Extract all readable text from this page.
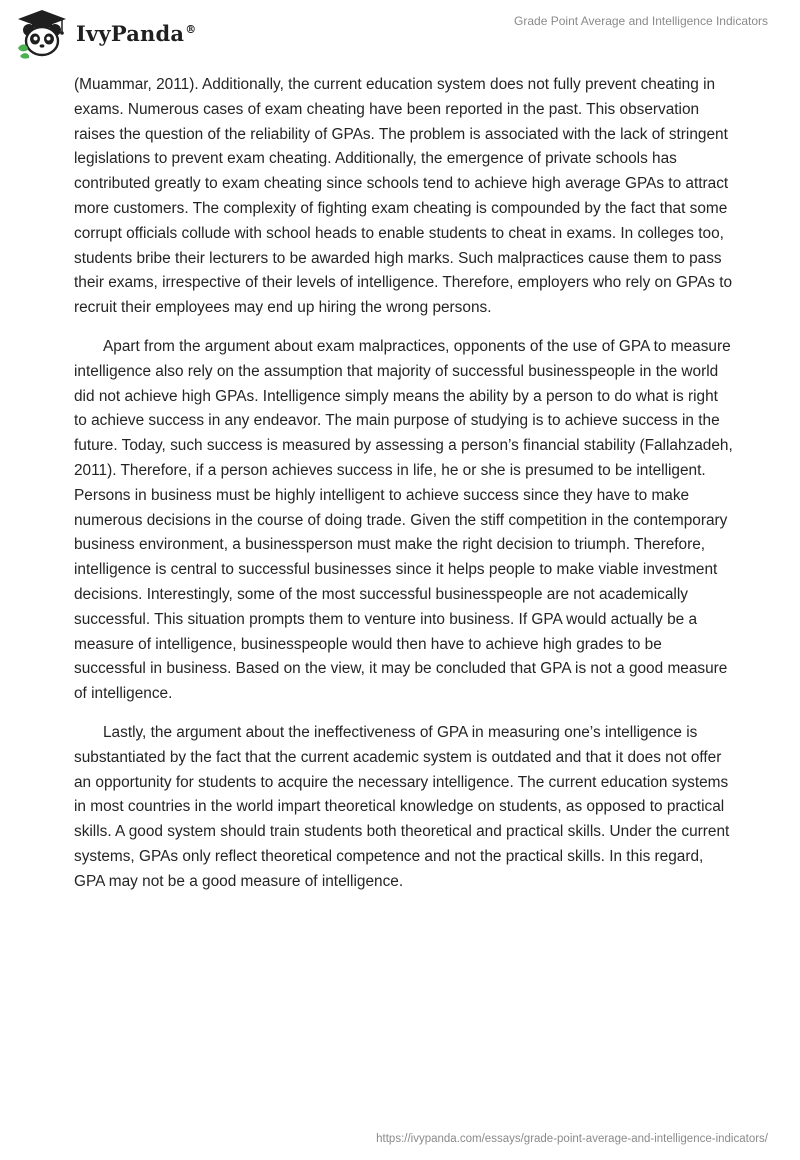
IvyPanda®
Grade Point Average and Intelligence Indicators

(Muammar, 2011). Additionally, the current education system does not fully prevent cheating in exams. Numerous cases of exam cheating have been reported in the past. This observation raises the question of the reliability of GPAs. The problem is associated with the lack of stringent legislations to prevent exam cheating. Additionally, the emergence of private schools has contributed greatly to exam cheating since schools tend to achieve high average GPAs to attract more customers. The complexity of fighting exam cheating is compounded by the fact that some corrupt officials collude with school heads to enable students to cheat in exams. In colleges too, students bribe their lecturers to be awarded high marks. Such malpractices cause them to pass their exams, irrespective of their levels of intelligence. Therefore, employers who rely on GPAs to recruit their employees may end up hiring the wrong persons.

Apart from the argument about exam malpractices, opponents of the use of GPA to measure intelligence also rely on the assumption that majority of successful businesspeople in the world did not achieve high GPAs. Intelligence simply means the ability by a person to do what is right to achieve success in any endeavor. The main purpose of studying is to achieve success in the future. Today, such success is measured by assessing a person’s financial stability (Fallahzadeh, 2011). Therefore, if a person achieves success in life, he or she is presumed to be intelligent. Persons in business must be highly intelligent to achieve success since they have to make numerous decisions in the course of doing trade. Given the stiff competition in the contemporary business environment, a businessperson must make the right decision to triumph. Therefore, intelligence is central to successful businesses since it helps people to make viable investment decisions. Interestingly, some of the most successful businesspeople are not academically successful. This situation prompts them to venture into business. If GPA would actually be a measure of intelligence, businesspeople would then have to achieve high grades to be successful in business. Based on the view, it may be concluded that GPA is not a good measure of intelligence.

Lastly, the argument about the ineffectiveness of GPA in measuring one’s intelligence is substantiated by the fact that the current academic system is outdated and that it does not offer an opportunity for students to acquire the necessary intelligence. The current education systems in most countries in the world impart theoretical knowledge on students, as opposed to practical skills. A good system should train students both theoretical and practical skills. Under the current systems, GPAs only reflect theoretical competence and not the practical skills. In this regard, GPA may not be a good measure of intelligence.

https://ivypanda.com/essays/grade-point-average-and-intelligence-indicators/
